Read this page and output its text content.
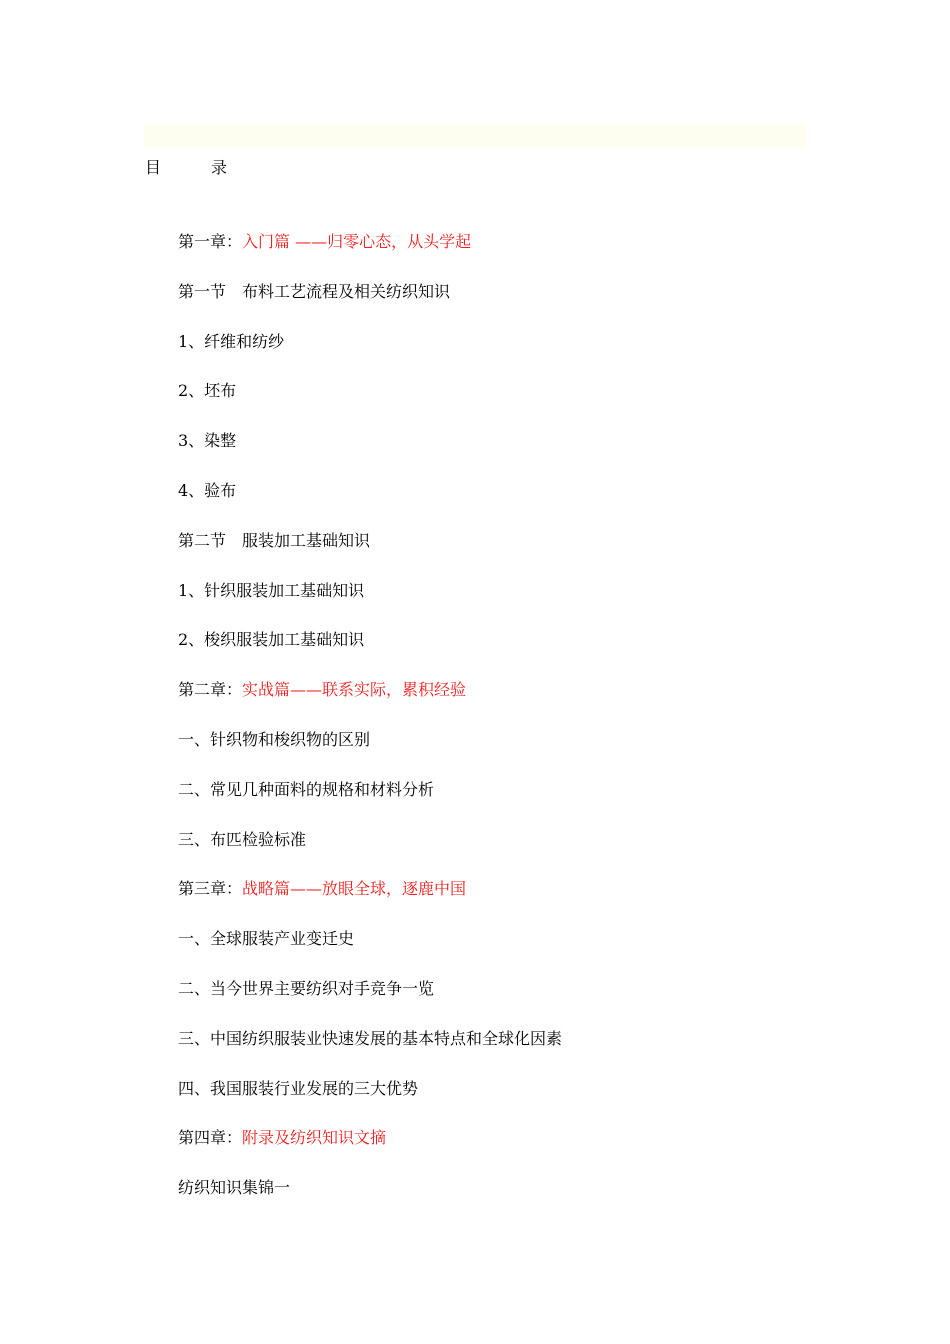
目	录
第一章：入门篇 ——归零心态，从头学起
第一节 布料工艺流程及相关纺织知识
1、纤维和纺纱
2、坯布
3、染整
4、验布
第二节 服装加工基础知识
1、针织服装加工基础知识
2、梭织服装加工基础知识
第二章：实战篇——联系实际，累积经验
一、针织物和梭织物的区别
二、常见几种面料的规格和材料分析
三、布匹检验标准
第三章：战略篇——放眼全球，逐鹿中国
一、全球服装产业变迁史
二、当今世界主要纺织对手竞争一览
三、中国纺织服装业快速发展的基本特点和全球化因素
四、我国服装行业发展的三大优势
第四章：附录及纺织知识文摘
纺织知识集锦一
